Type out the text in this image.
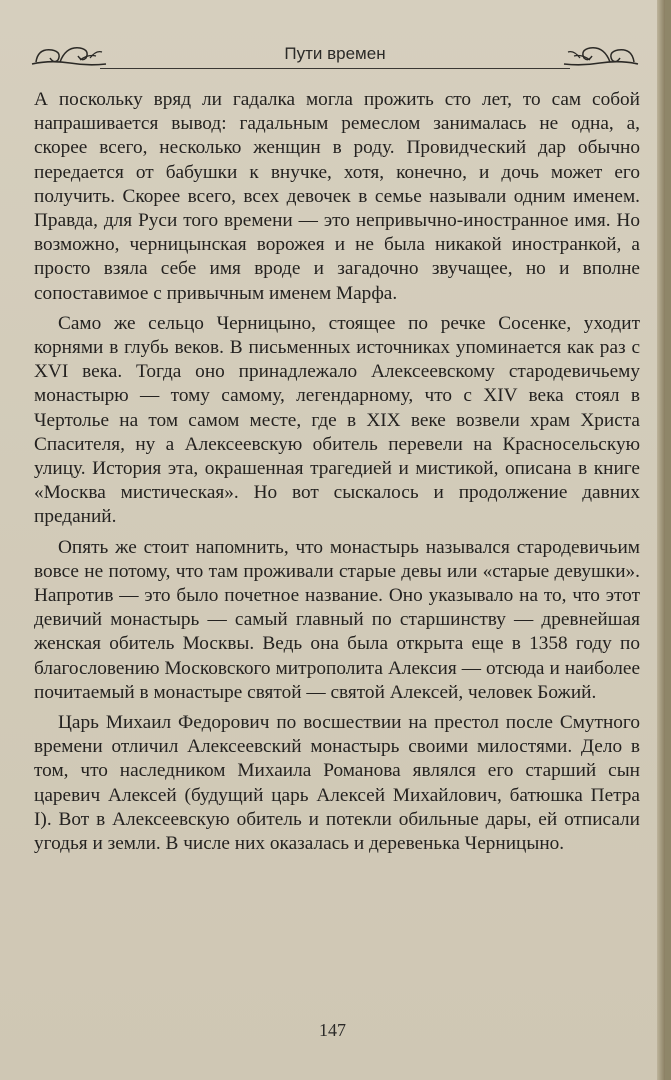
Пути времен

А поскольку вряд ли гадалка могла прожить сто лет, то сам собой напрашивается вывод: гадальным ремеслом занималась не одна, а, скорее всего, несколько женщин в роду. Провидческий дар обычно передается от бабушки к внучке, хотя, конечно, и дочь может его получить. Скорее всего, всех девочек в семье называли одним именем. Правда, для Руси того времени — это непривычно-иностранное имя. Но возможно, черницынская ворожея и не была никакой иностранкой, а просто взяла себе имя вроде и загадочно звучащее, но и вполне сопоставимое с привычным именем Марфа.

Само же сельцо Черницыно, стоящее по речке Сосенке, уходит корнями в глубь веков. В письменных источниках упоминается как раз с XVI века. Тогда оно принадлежало Алексеевскому стародевичьему монастырю — тому самому, легендарному, что с XIV века стоял в Чертолье на том самом месте, где в XIX веке возвели храм Христа Спасителя, ну а Алексеевскую обитель перевели на Красносельскую улицу. История эта, окрашенная трагедией и мистикой, описана в книге «Москва мистическая». Но вот сыскалось и продолжение давних преданий.

Опять же стоит напомнить, что монастырь назывался стародевичьим вовсе не потому, что там проживали старые девы или «старые девушки». Напротив — это было почетное название. Оно указывало на то, что этот девичий монастырь — самый главный по старшинству — древнейшая женская обитель Москвы. Ведь она была открыта еще в 1358 году по благословению Московского митрополита Алексия — отсюда и наиболее почитаемый в монастыре святой — святой Алексей, человек Божий.

Царь Михаил Федорович по восшествии на престол после Смутного времени отличил Алексеевский монастырь своими милостями. Дело в том, что наследником Михаила Романова являлся его старший сын царевич Алексей (будущий царь Алексей Михайлович, батюшка Петра I). Вот в Алексеевскую обитель и потекли обильные дары, ей отписали угодья и земли. В числе них оказалась и деревенька Черницыно.

147
